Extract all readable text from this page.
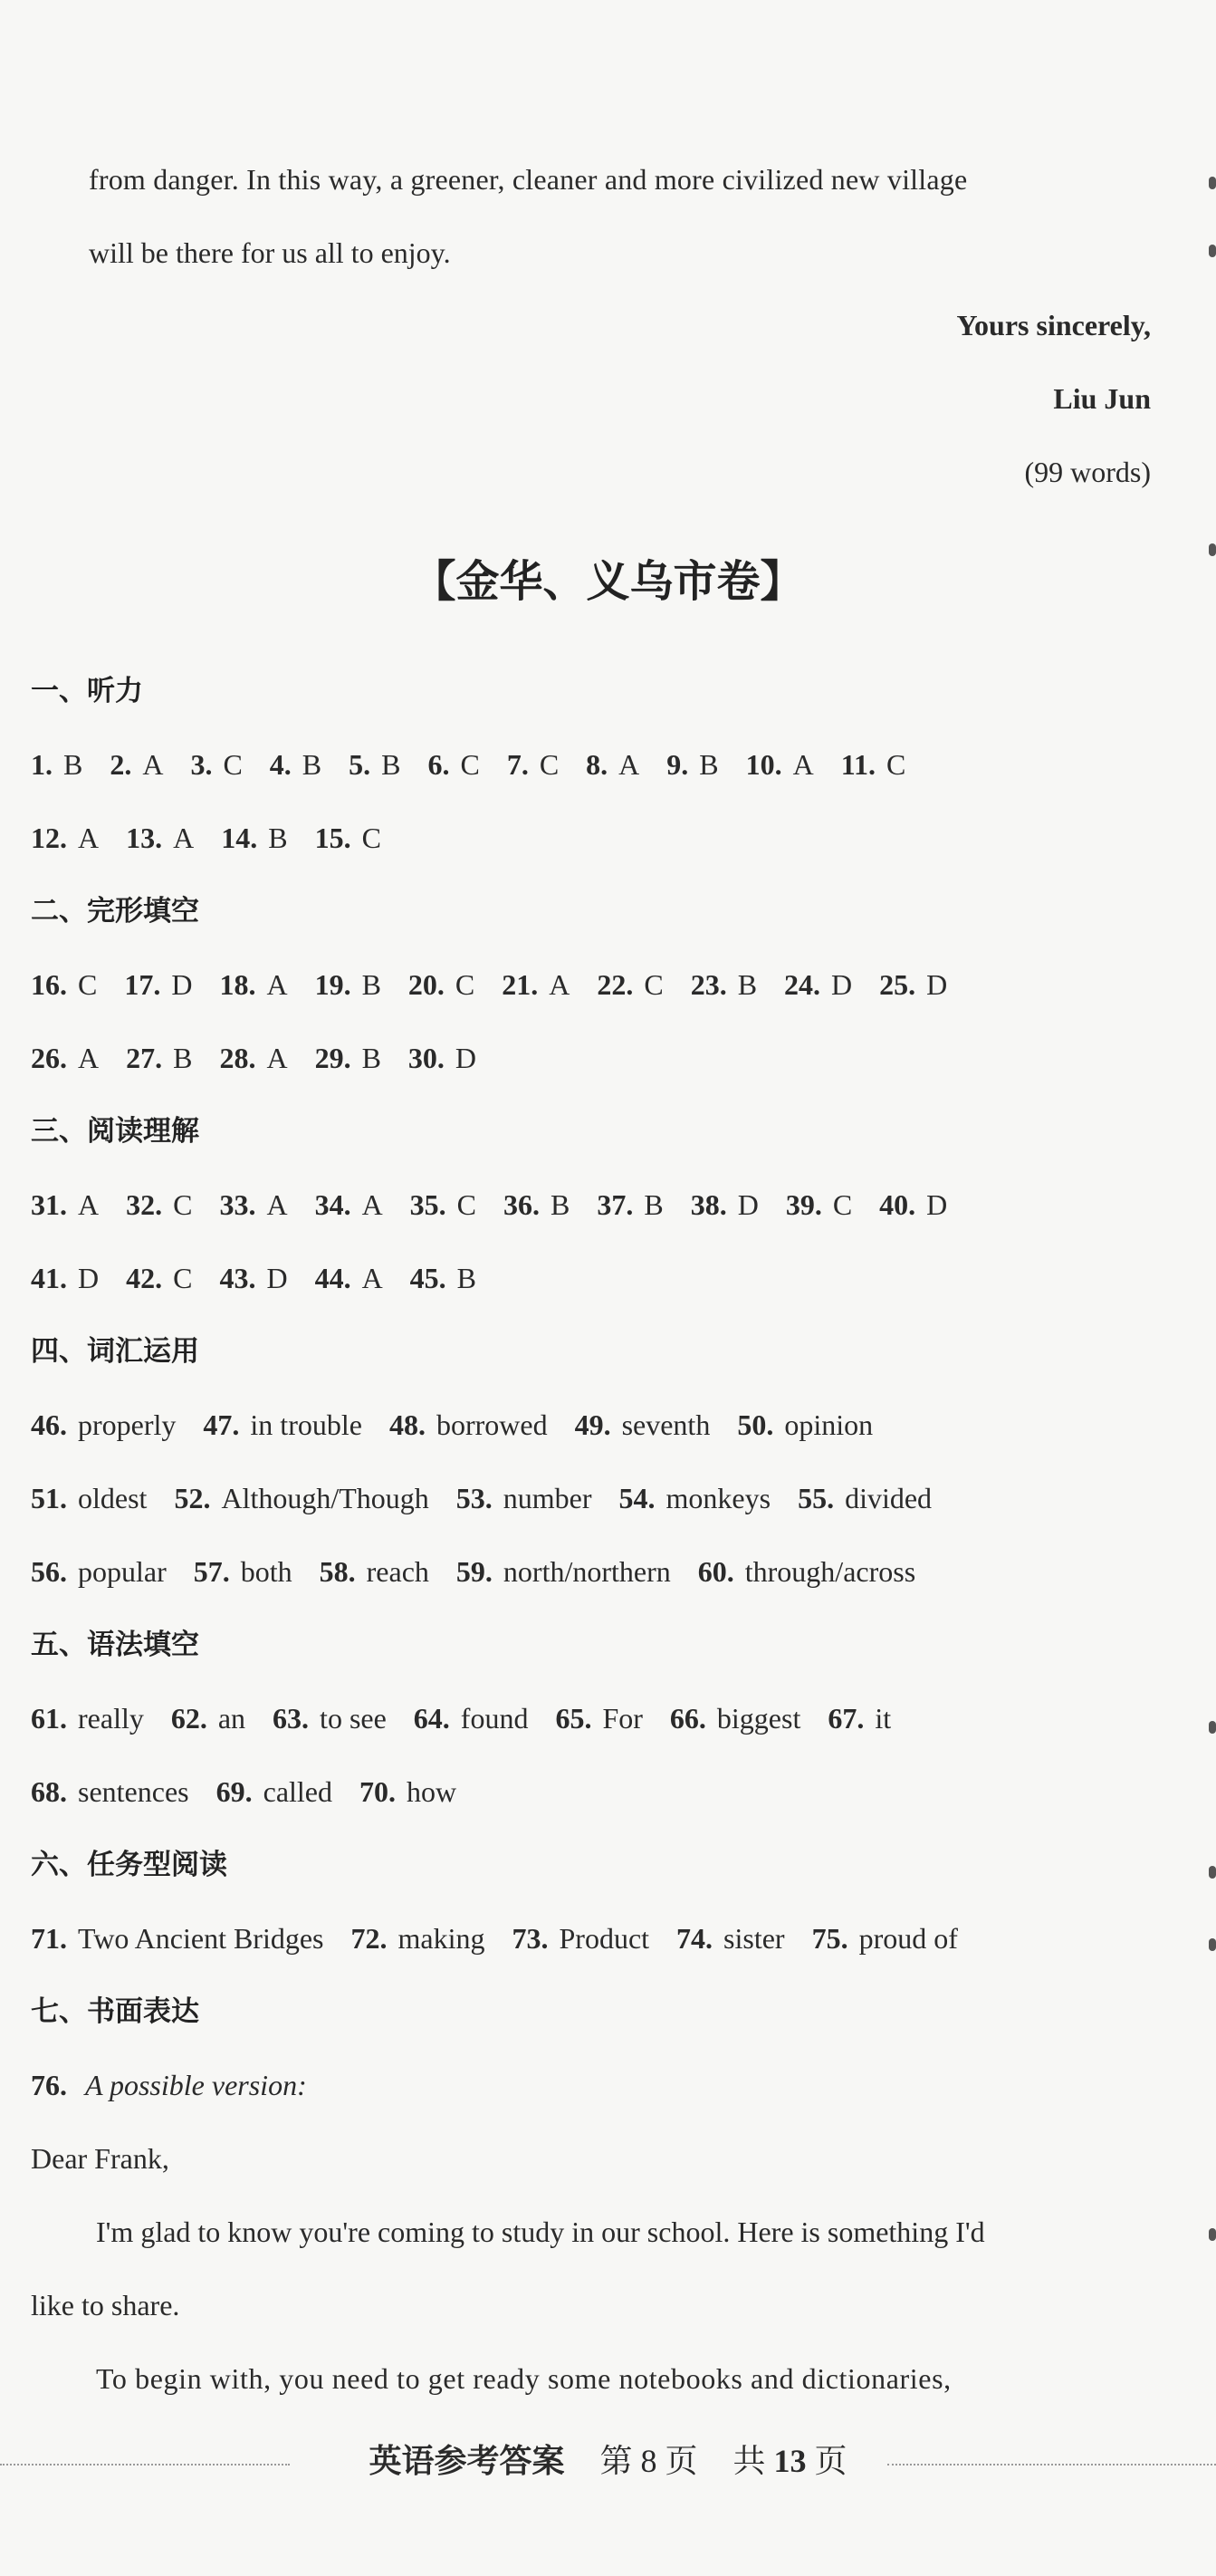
from danger. In this way, a greener, cleaner and more civilized new village
will be there for us all to enjoy.
Yours sincerely,
Liu Jun
(99 words)
【金华、义乌市卷】
一、听力
1. B 2. A 3. C 4. B 5. B 6. C 7. C 8. A 9. B 10. A 11. C
12. A 13. A 14. B 15. C
二、完形填空
16. C 17. D 18. A 19. B 20. C 21. A 22. C 23. B 24. D 25. D
26. A 27. B 28. A 29. B 30. D
三、阅读理解
31. A 32. C 33. A 34. A 35. C 36. B 37. B 38. D 39. C 40. D
41. D 42. C 43. D 44. A 45. B
四、词汇运用
46. properly 47. in trouble 48. borrowed 49. seventh 50. opinion
51. oldest 52. Although/Though 53. number 54. monkeys 55. divided
56. popular 57. both 58. reach 59. north/northern 60. through/across
五、语法填空
61. really 62. an 63. to see 64. found 65. For 66. biggest 67. it
68. sentences 69. called 70. how
六、任务型阅读
71. Two Ancient Bridges 72. making 73. Product 74. sister 75. proud of
七、书面表达
76. A possible version:
Dear Frank,
I'm glad to know you're coming to study in our school. Here is something I'd
like to share.
To begin with, you need to get ready some notebooks and dictionaries,
英语参考答案 第 8 页 共 13 页
